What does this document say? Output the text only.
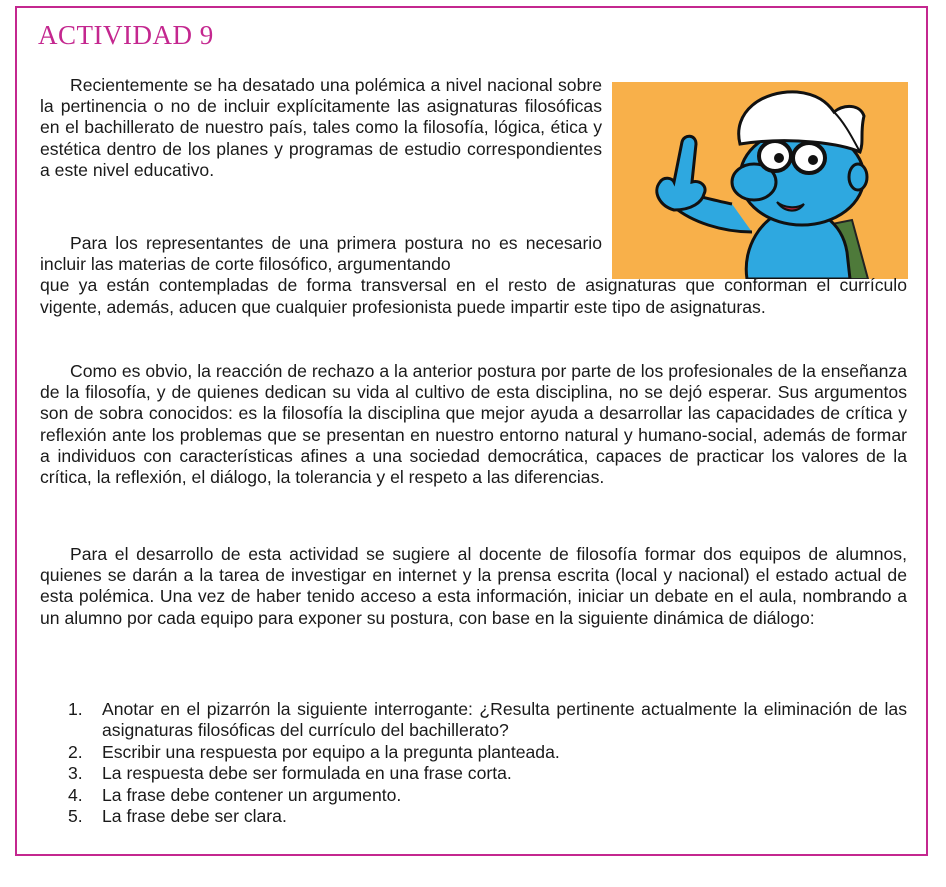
ACTIVIDAD 9

Recientemente se ha desatado una polémica a nivel nacional sobre la pertinencia o no de incluir explícitamente las asignaturas filosóficas en el bachillerato de nuestro país, tales como la filosofía, lógica, ética y estética dentro de los planes y programas de estudio correspondientes a este nivel educativo.

Para los representantes de una primera postura no es necesario incluir las materias de corte filosófico, argumentando
que ya están contempladas de forma transversal en el resto de asignaturas que conforman el currículo vigente, además, aducen que cualquier profesionista puede impartir este tipo de asignaturas.

Como es obvio, la reacción de rechazo a la anterior postura por parte de los profesionales de la enseñanza de la filosofía, y de quienes dedican su vida al cultivo de esta disciplina, no se dejó esperar. Sus argumentos son de sobra conocidos: es la filosofía la disciplina que mejor ayuda a desarrollar las capacidades de crítica y reflexión ante los problemas que se presentan en nuestro entorno natural y humano-social, además de formar a individuos con características afines a una sociedad democrática, capaces de practicar los valores de la crítica, la reflexión, el diálogo, la tolerancia y el respeto a las diferencias.

Para el desarrollo de esta actividad se sugiere al docente de filosofía formar dos equipos de alumnos, quienes se darán a la tarea de investigar en internet y la prensa escrita (local y nacional) el estado actual de esta polémica. Una vez de haber tenido acceso a esta información, iniciar un debate en el aula, nombrando a un alumno por cada equipo para exponer su postura, con base en la siguiente dinámica de diálogo:

1. Anotar en el pizarrón la siguiente interrogante: ¿Resulta pertinente actualmente la eliminación de las asignaturas filosóficas del currículo del bachillerato?
2. Escribir una respuesta por equipo a la pregunta planteada.
3. La respuesta debe ser formulada en una frase corta.
4. La frase debe contener un argumento.
5. La frase debe ser clara.
